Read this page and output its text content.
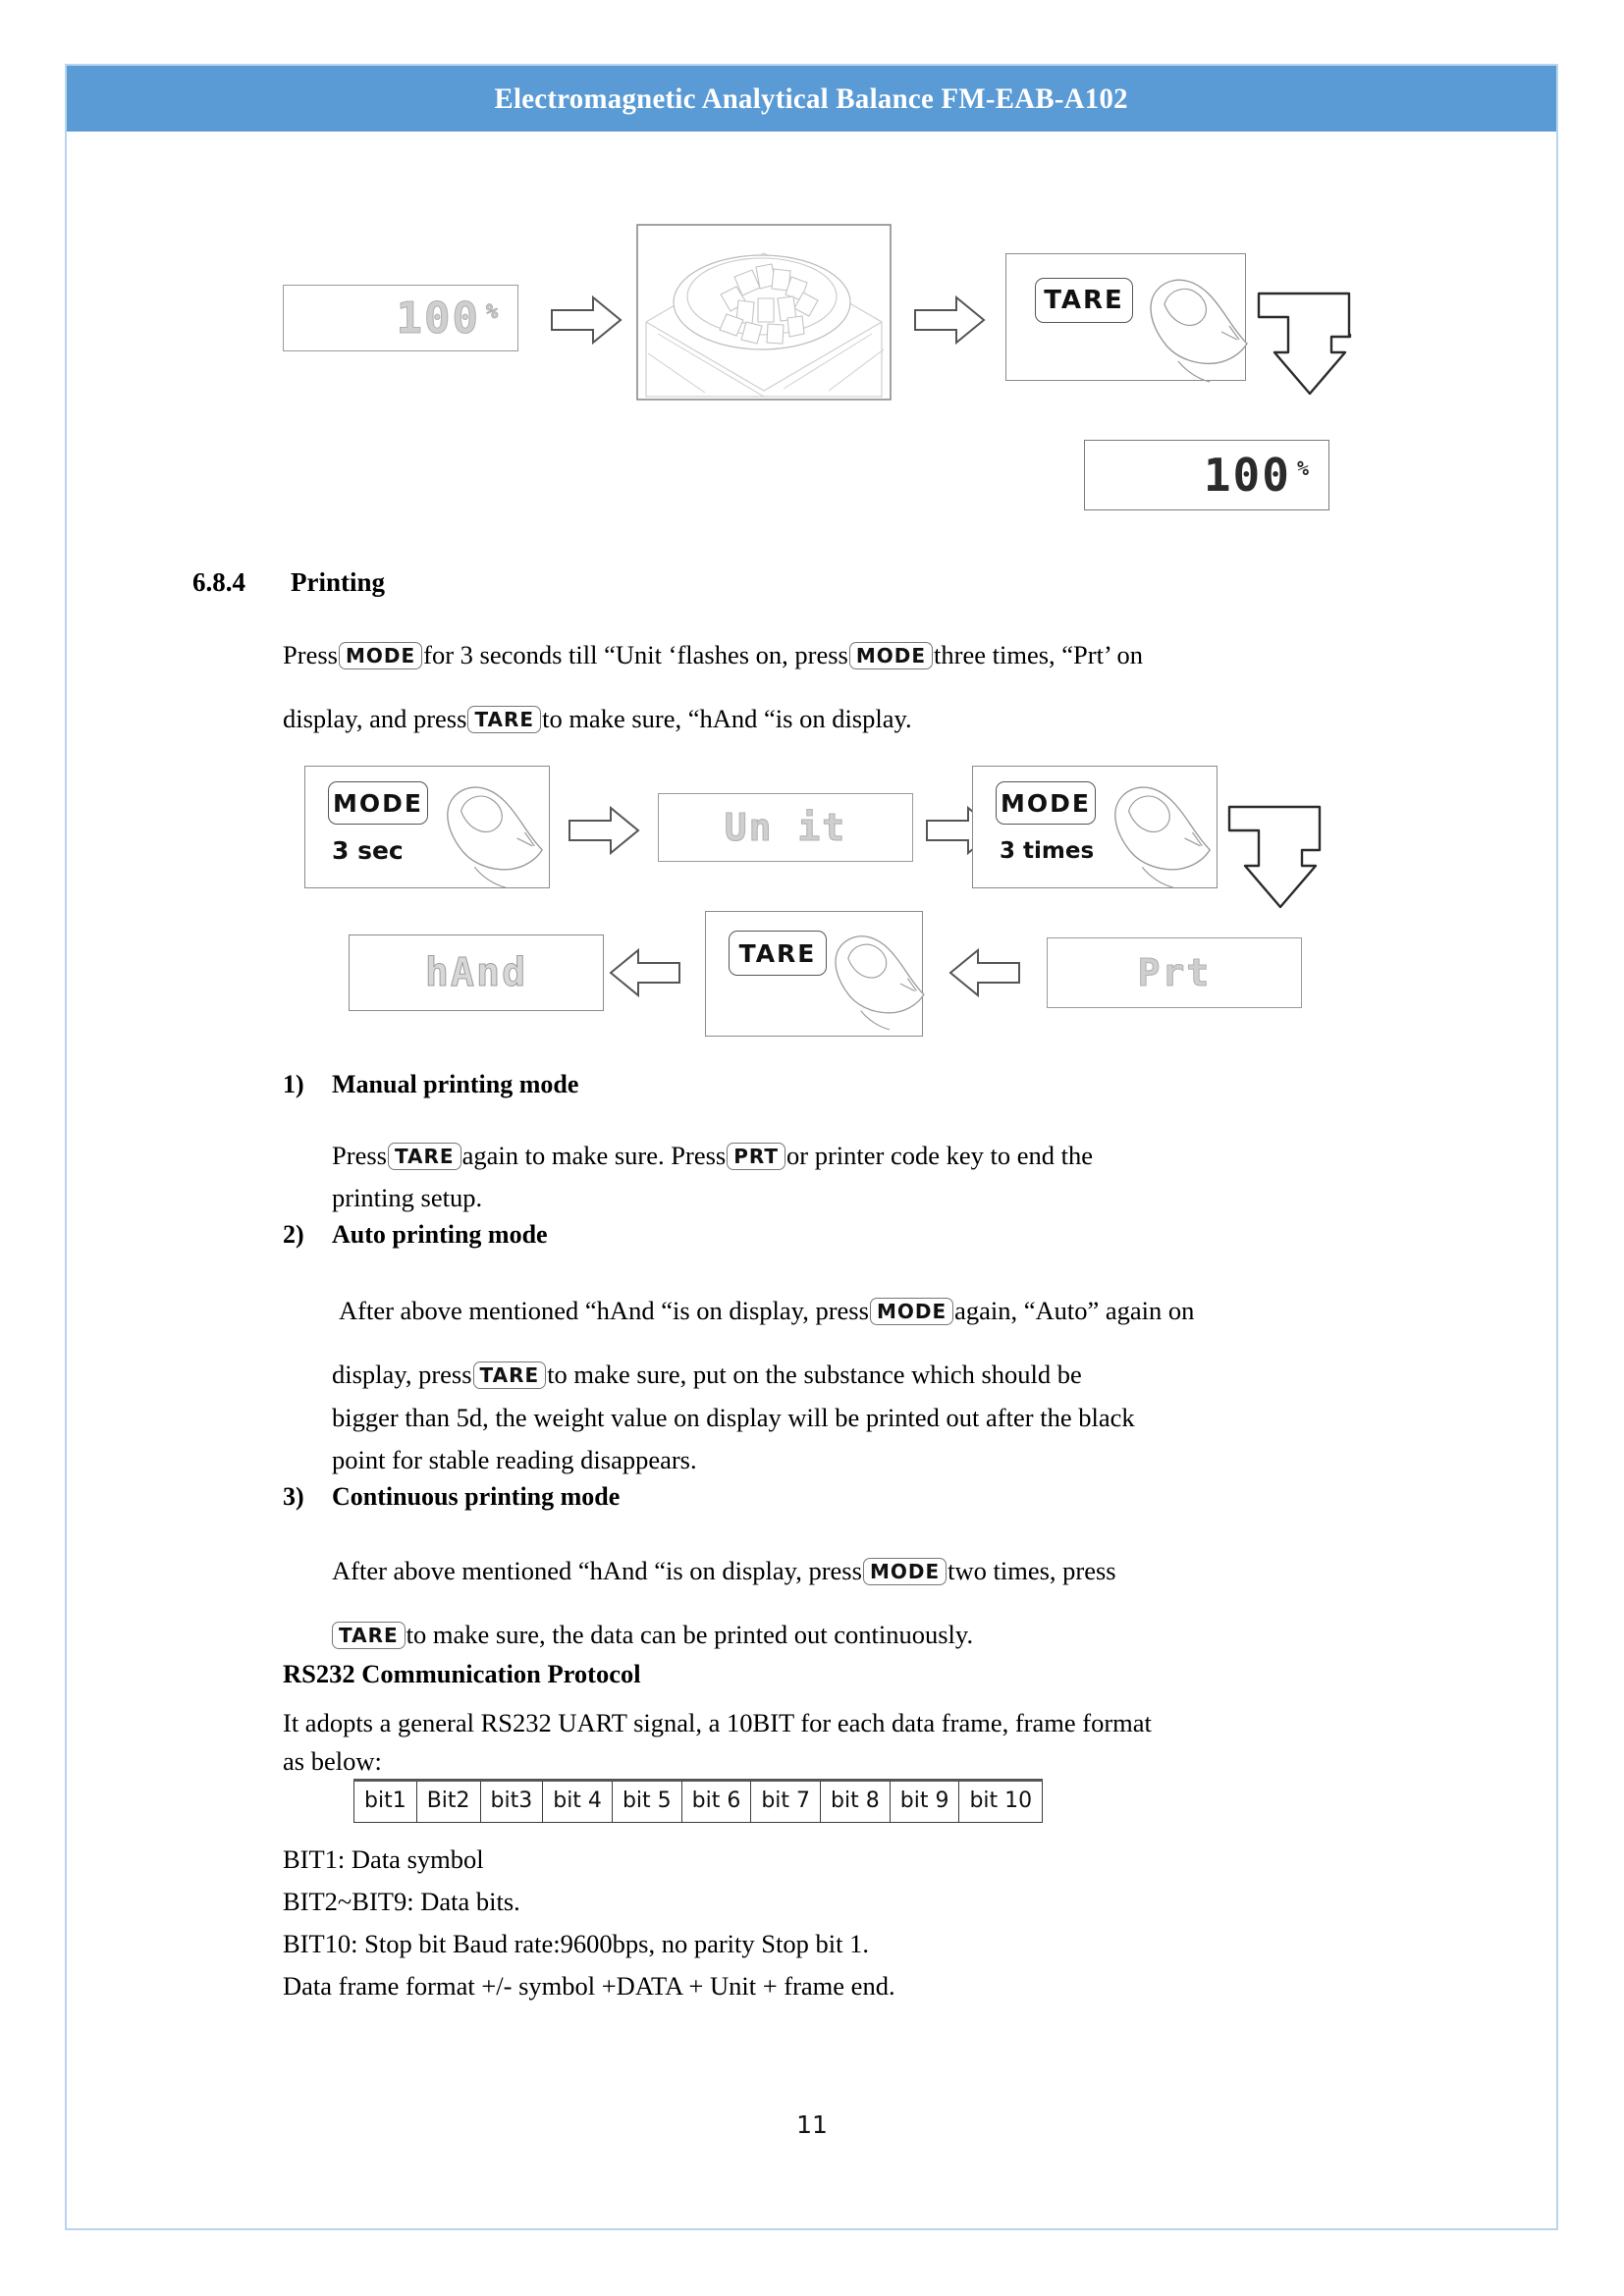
Electromagnetic Analytical Balance FM-EAB-A102
100 %	TARE
100 %
6.8.4 Printing
Press MODE for 3 seconds till “Unit ‘flashes on, press MODE three times, “Prt’ on
display, and press TARE to make sure, “hAnd “is on display.
MODE
3 sec
Un it
MODE
3 times
Prt
TARE
hAnd
1) Manual printing mode
Press TARE again to make sure. Press PRT or printer code key to end the
printing setup.
2) Auto printing mode
After above mentioned “hAnd “is on display, press MODE again, “Auto” again on
display, press TARE to make sure, put on the substance which should be
bigger than 5d, the weight value on display will be printed out after the black
point for stable reading disappears.
3) Continuous printing mode
After above mentioned “hAnd “is on display, press MODE two times, press
TARE to make sure, the data can be printed out continuously.
RS232 Communication Protocol
It adopts a general RS232 UART signal, a 10BIT for each data frame, frame format
as below:
bit1	Bit2	bit3	bit 4	bit 5	bit 6	bit 7	bit 8	bit 9	bit 10
BIT1: Data symbol
BIT2~BIT9: Data bits.
BIT10: Stop bit Baud rate:9600bps, no parity Stop bit 1.
Data frame format +/- symbol +DATA + Unit + frame end.
11
